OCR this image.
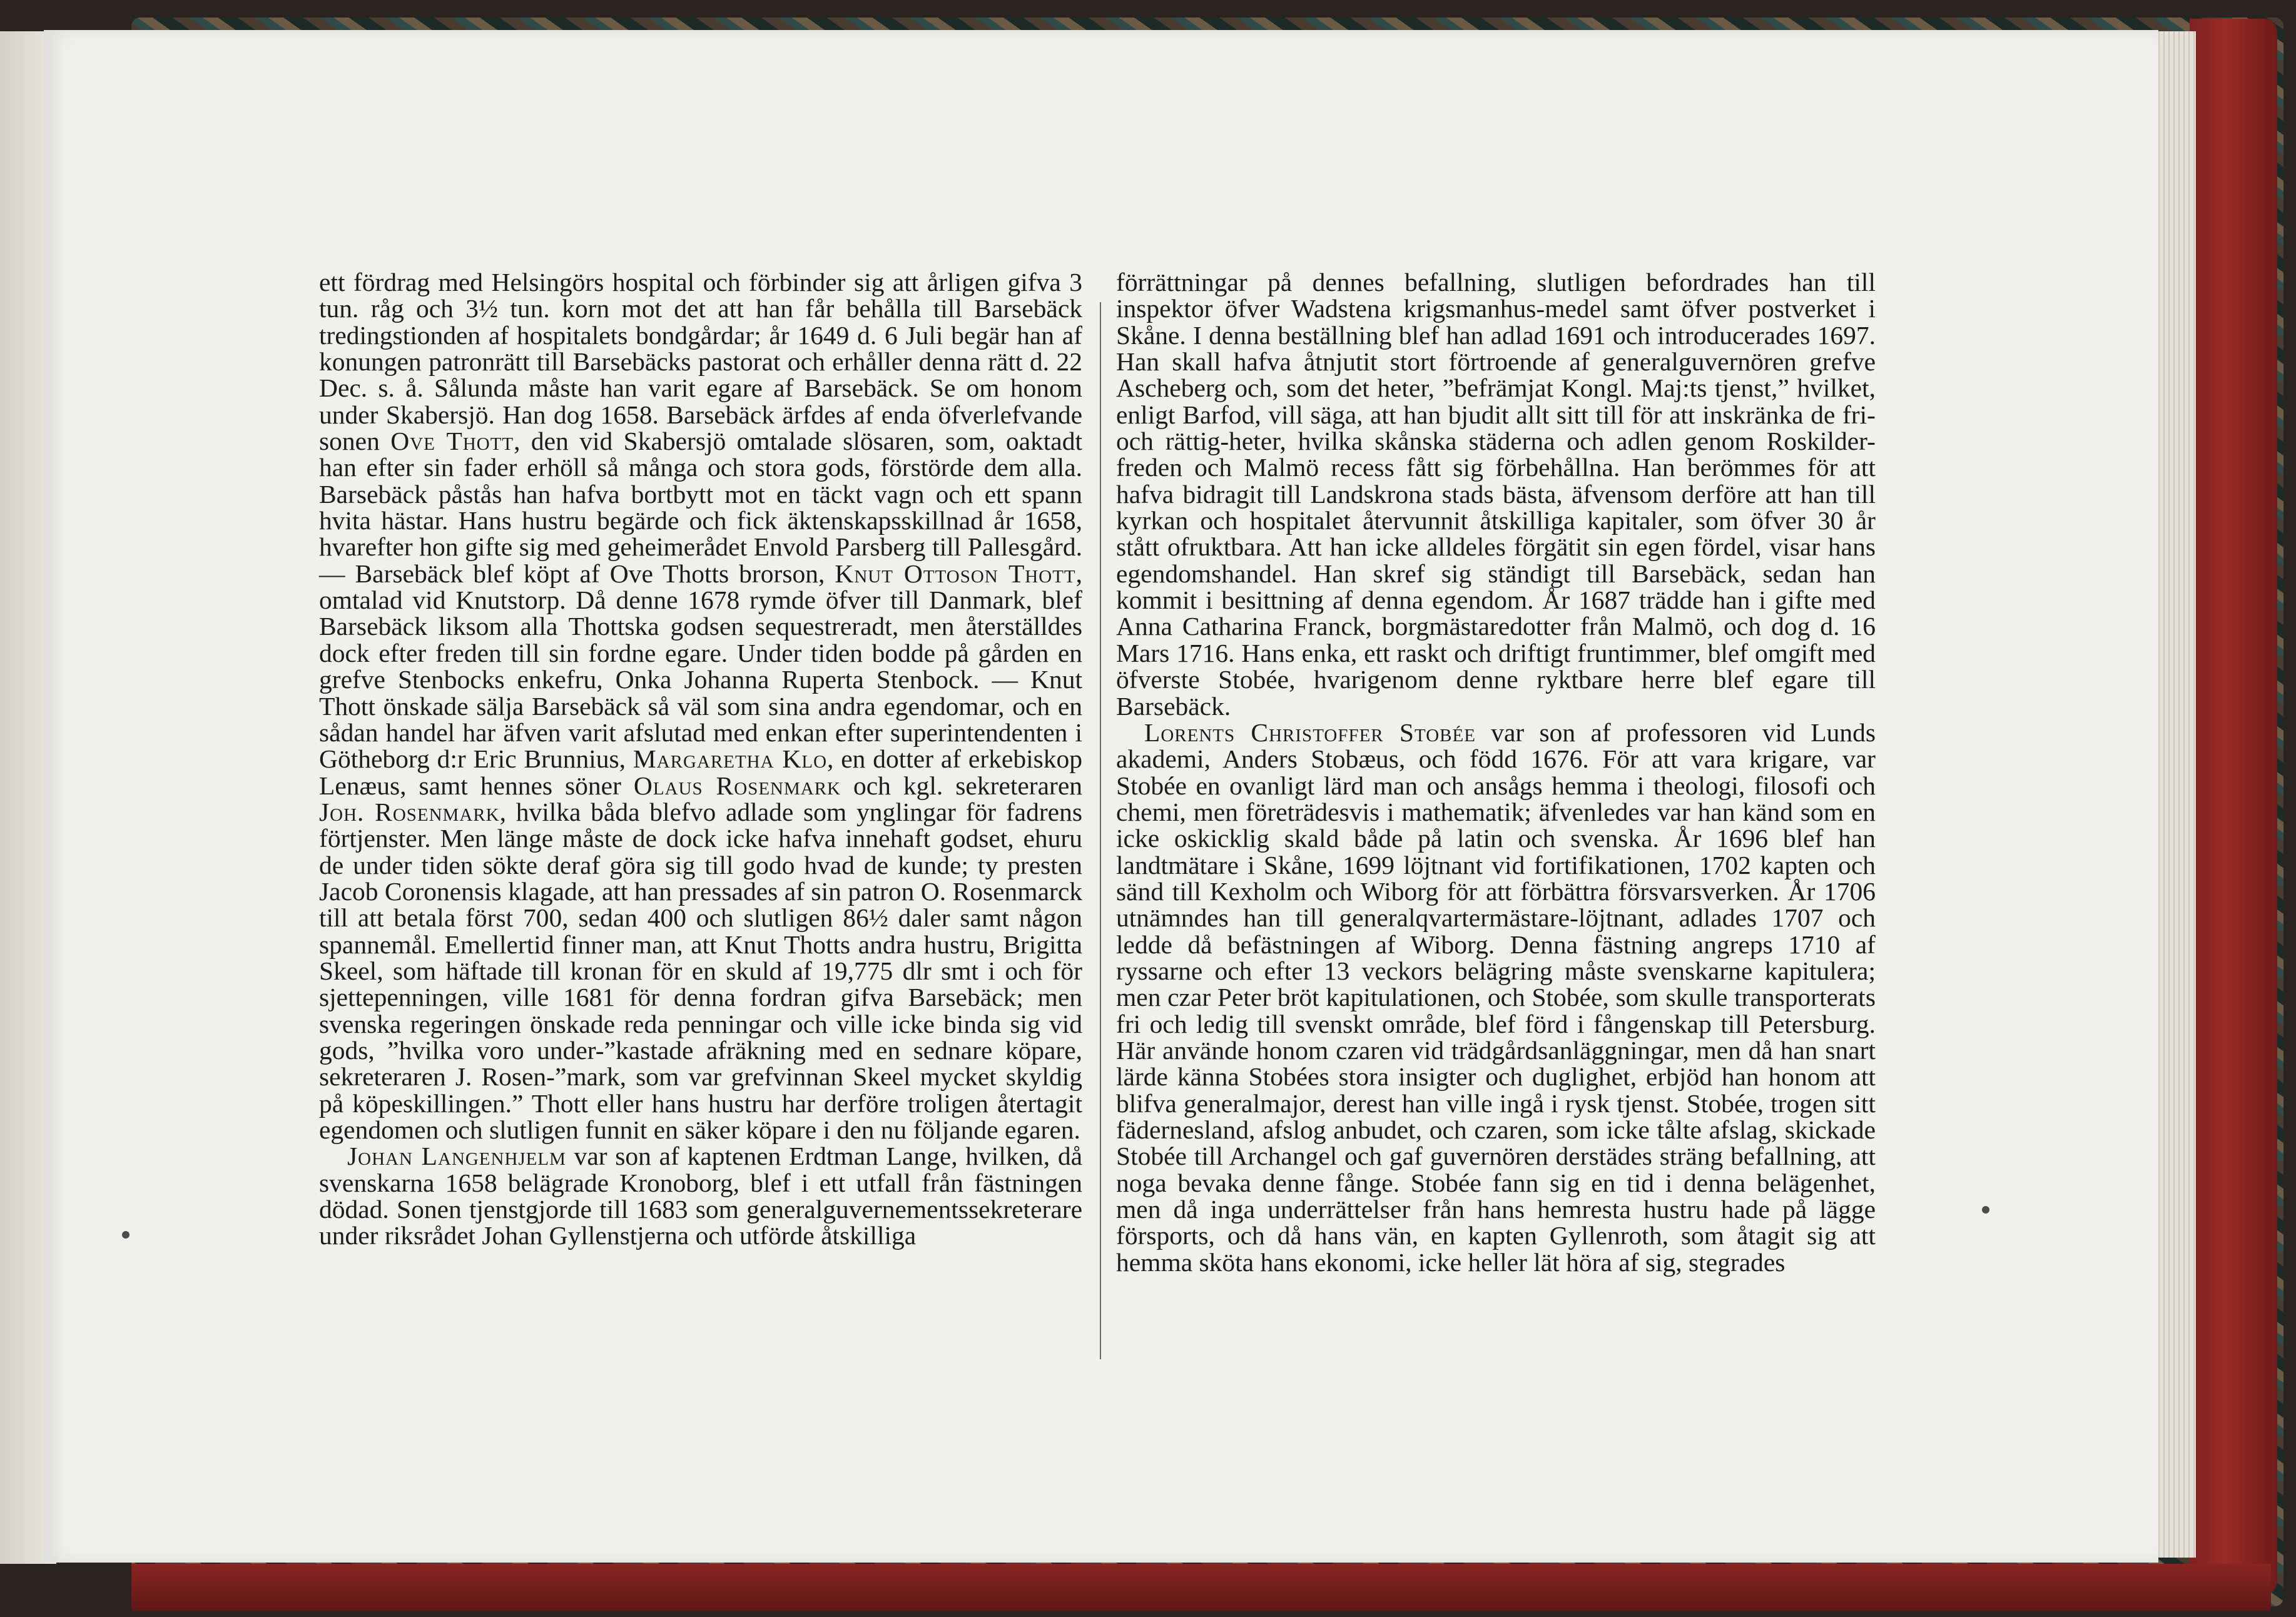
ett fördrag med Helsingörs hospital och förbinder sig att årligen gifva 3 tun. råg och 3½ tun. korn mot det att han får behålla till Barsebäck tredingstionden af hospitalets bondgårdar; år 1649 d. 6 Juli begär han af konungen patronrätt till Barsebäcks pastorat och erhåller denna rätt d. 22 Dec. s. å. Sålunda måste han varit egare af Barsebäck. Se om honom under Skabersjö. Han dog 1658. Barsebäck ärfdes af enda öfverlefvande sonen Ove Thott, den vid Skabersjö omtalade slösaren, som, oaktadt han efter sin fader erhöll så många och stora gods, förstörde dem alla. Barsebäck påstås han hafva bortbytt mot en täckt vagn och ett spann hvita hästar. Hans hustru begärde och fick äktenskapsskillnad år 1658, hvarefter hon gifte sig med geheimerådet Envold Parsberg till Pallesgård. — Barsebäck blef köpt af Ove Thotts brorson, Knut Ottoson Thott, omtalad vid Knutstorp. Då denne 1678 rymde öfver till Danmark, blef Barsebäck liksom alla Thottska godsen sequestreradt, men återställdes dock efter freden till sin fordne egare. Under tiden bodde på gården en grefve Stenbocks enkefru, Onka Johanna Ruperta Stenbock. — Knut Thott önskade sälja Barsebäck så väl som sina andra egendomar, och en sådan handel har äfven varit afslutad med enkan efter superintendenten i Götheborg d:r Eric Brunnius, Margaretha Klo, en dotter af erkebiskop Lenæus, samt hennes söner Olaus Rosenmark och kgl. sekreteraren Joh. Rosenmark, hvilka båda blefvo adlade som ynglingar för fadrens förtjenster. Men länge måste de dock icke hafva innehaft godset, ehuru de under tiden sökte deraf göra sig till godo hvad de kunde; ty presten Jacob Coronensis klagade, att han pressades af sin patron O. Rosenmarck till att betala först 700, sedan 400 och slutligen 86½ daler samt någon spannemål. Emellertid finner man, att Knut Thotts andra hustru, Brigitta Skeel, som häftade till kronan för en skuld af 19,775 dlr smt i och för sjettepenningen, ville 1681 för denna fordran gifva Barsebäck; men svenska regeringen önskade reda penningar och ville icke binda sig vid gods, ”hvilka voro under-”kastade afräkning med en sednare köpare, sekreteraren J. Rosen-”mark, som var grefvinnan Skeel mycket skyldig på köpeskillingen.” Thott eller hans hustru har derföre troligen återtagit egendomen och slutligen funnit en säker köpare i den nu följande egaren.

Johan Langenhjelm var son af kaptenen Erdtman Lange, hvilken, då svenskarna 1658 belägrade Kronoborg, blef i ett utfall från fästningen dödad. Sonen tjenstgjorde till 1683 som generalguvernementssekreterare under riksrådet Johan Gyllenstjerna och utförde åtskilliga

förrättningar på dennes befallning, slutligen befordrades han till inspektor öfver Wadstena krigsmanhus-medel samt öfver postverket i Skåne. I denna beställning blef han adlad 1691 och introducerades 1697. Han skall hafva åtnjutit stort förtroende af generalguvernören grefve Ascheberg och, som det heter, ”befrämjat Kongl. Maj:ts tjenst,” hvilket, enligt Barfod, vill säga, att han bjudit allt sitt till för att inskränka de fri- och rättig-heter, hvilka skånska städerna och adlen genom Roskilder-freden och Malmö recess fått sig förbehållna. Han berömmes för att hafva bidragit till Landskrona stads bästa, äfvensom derföre att han till kyrkan och hospitalet återvunnit åtskilliga kapitaler, som öfver 30 år stått ofruktbara. Att han icke alldeles förgätit sin egen fördel, visar hans egendomshandel. Han skref sig ständigt till Barsebäck, sedan han kommit i besittning af denna egendom. År 1687 trädde han i gifte med Anna Catharina Franck, borgmästaredotter från Malmö, och dog d. 16 Mars 1716. Hans enka, ett raskt och driftigt fruntimmer, blef omgift med öfverste Stobée, hvarigenom denne ryktbare herre blef egare till Barsebäck.

Lorents Christoffer Stobée var son af professoren vid Lunds akademi, Anders Stobæus, och född 1676. För att vara krigare, var Stobée en ovanligt lärd man och ansågs hemma i theologi, filosofi och chemi, men företrädesvis i mathematik; äfvenledes var han känd som en icke oskicklig skald både på latin och svenska. År 1696 blef han landtmätare i Skåne, 1699 löjtnant vid fortifikationen, 1702 kapten och sänd till Kexholm och Wiborg för att förbättra försvarsverken. År 1706 utnämndes han till generalqvartermästare-löjtnant, adlades 1707 och ledde då befästningen af Wiborg. Denna fästning angreps 1710 af ryssarne och efter 13 veckors belägring måste svenskarne kapitulera; men czar Peter bröt kapitulationen, och Stobée, som skulle transporterats fri och ledig till svenskt område, blef förd i fångenskap till Petersburg. Här använde honom czaren vid trädgårdsanläggningar, men då han snart lärde känna Stobées stora insigter och duglighet, erbjöd han honom att blifva generalmajor, derest han ville ingå i rysk tjenst. Stobée, trogen sitt fädernesland, afslog anbudet, och czaren, som icke tålte afslag, skickade Stobée till Archangel och gaf guvernören derstädes sträng befallning, att noga bevaka denne fånge. Stobée fann sig en tid i denna belägenhet, men då inga underrättelser från hans hemresta hustru hade på lägge försports, och då hans vän, en kapten Gyllenroth, som åtagit sig att hemma sköta hans ekonomi, icke heller lät höra af sig, stegrades
